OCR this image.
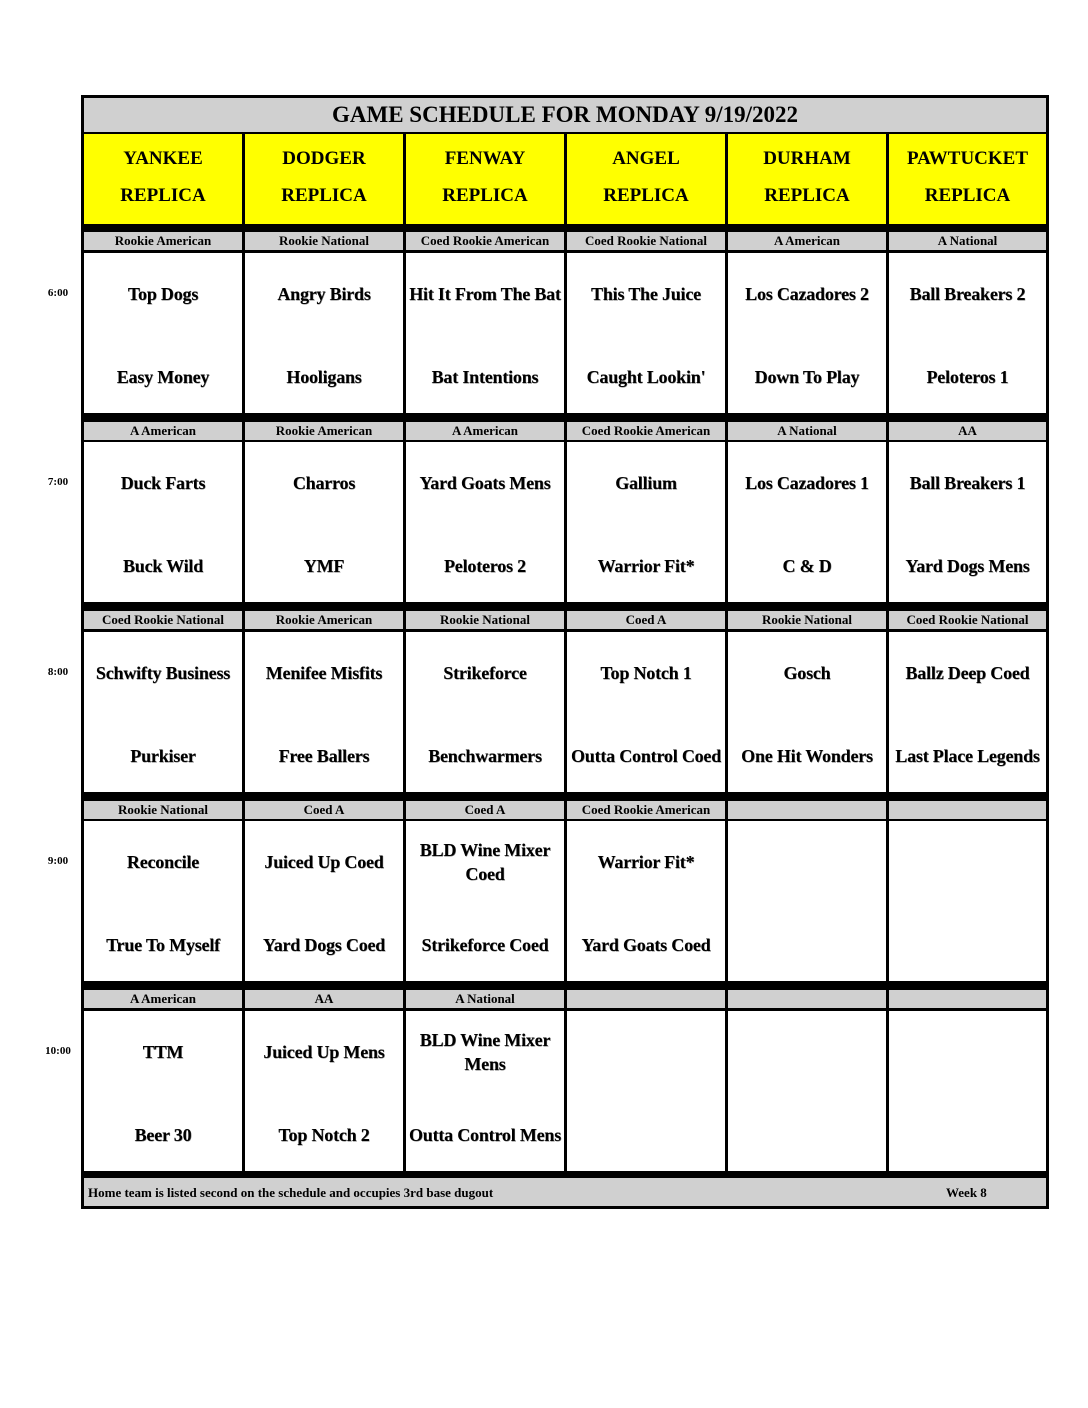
GAME SCHEDULE FOR MONDAY 9/19/2022
YANKEE
REPLICA
DODGER
REPLICA
FENWAY
REPLICA
ANGEL
REPLICA
DURHAM
REPLICA
PAWTUCKET
REPLICA
Rookie American
Top Dogs
Easy Money
Rookie National
Angry Birds
Hooligans
Coed Rookie American
Hit It From The Bat
Bat Intentions
Coed Rookie National
This The Juice
Caught Lookin'
A American
Los Cazadores 2
Down To Play
A National
Ball Breakers 2
Peloteros 1
A American
Duck Farts
Buck Wild
Rookie American
Charros
YMF
A American
Yard Goats Mens
Peloteros 2
Coed Rookie American
Gallium
Warrior Fit*
A National
Los Cazadores 1
C & D
AA
Ball Breakers 1
Yard Dogs Mens
Coed Rookie National
Schwifty Business
Purkiser
Rookie American
Menifee Misfits
Free Ballers
Rookie National
Strikeforce
Benchwarmers
Coed A
Top Notch 1
Outta Control Coed
Rookie National
Gosch
One Hit Wonders
Coed Rookie National
Ballz Deep Coed
Last Place Legends
Rookie National
Reconcile
True To Myself
Coed A
Juiced Up Coed
Yard Dogs Coed
Coed A
BLD Wine Mixer Coed
Strikeforce Coed
Coed Rookie American
Warrior Fit*
Yard Goats Coed
A American
TTM
Beer 30
AA
Juiced Up Mens
Top Notch 2
A National
BLD Wine Mixer Mens
Outta Control Mens
Home team is listed second on the schedule and occupies 3rd base dugout	Week 8
6:00
7:00
8:00
9:00
10:00
